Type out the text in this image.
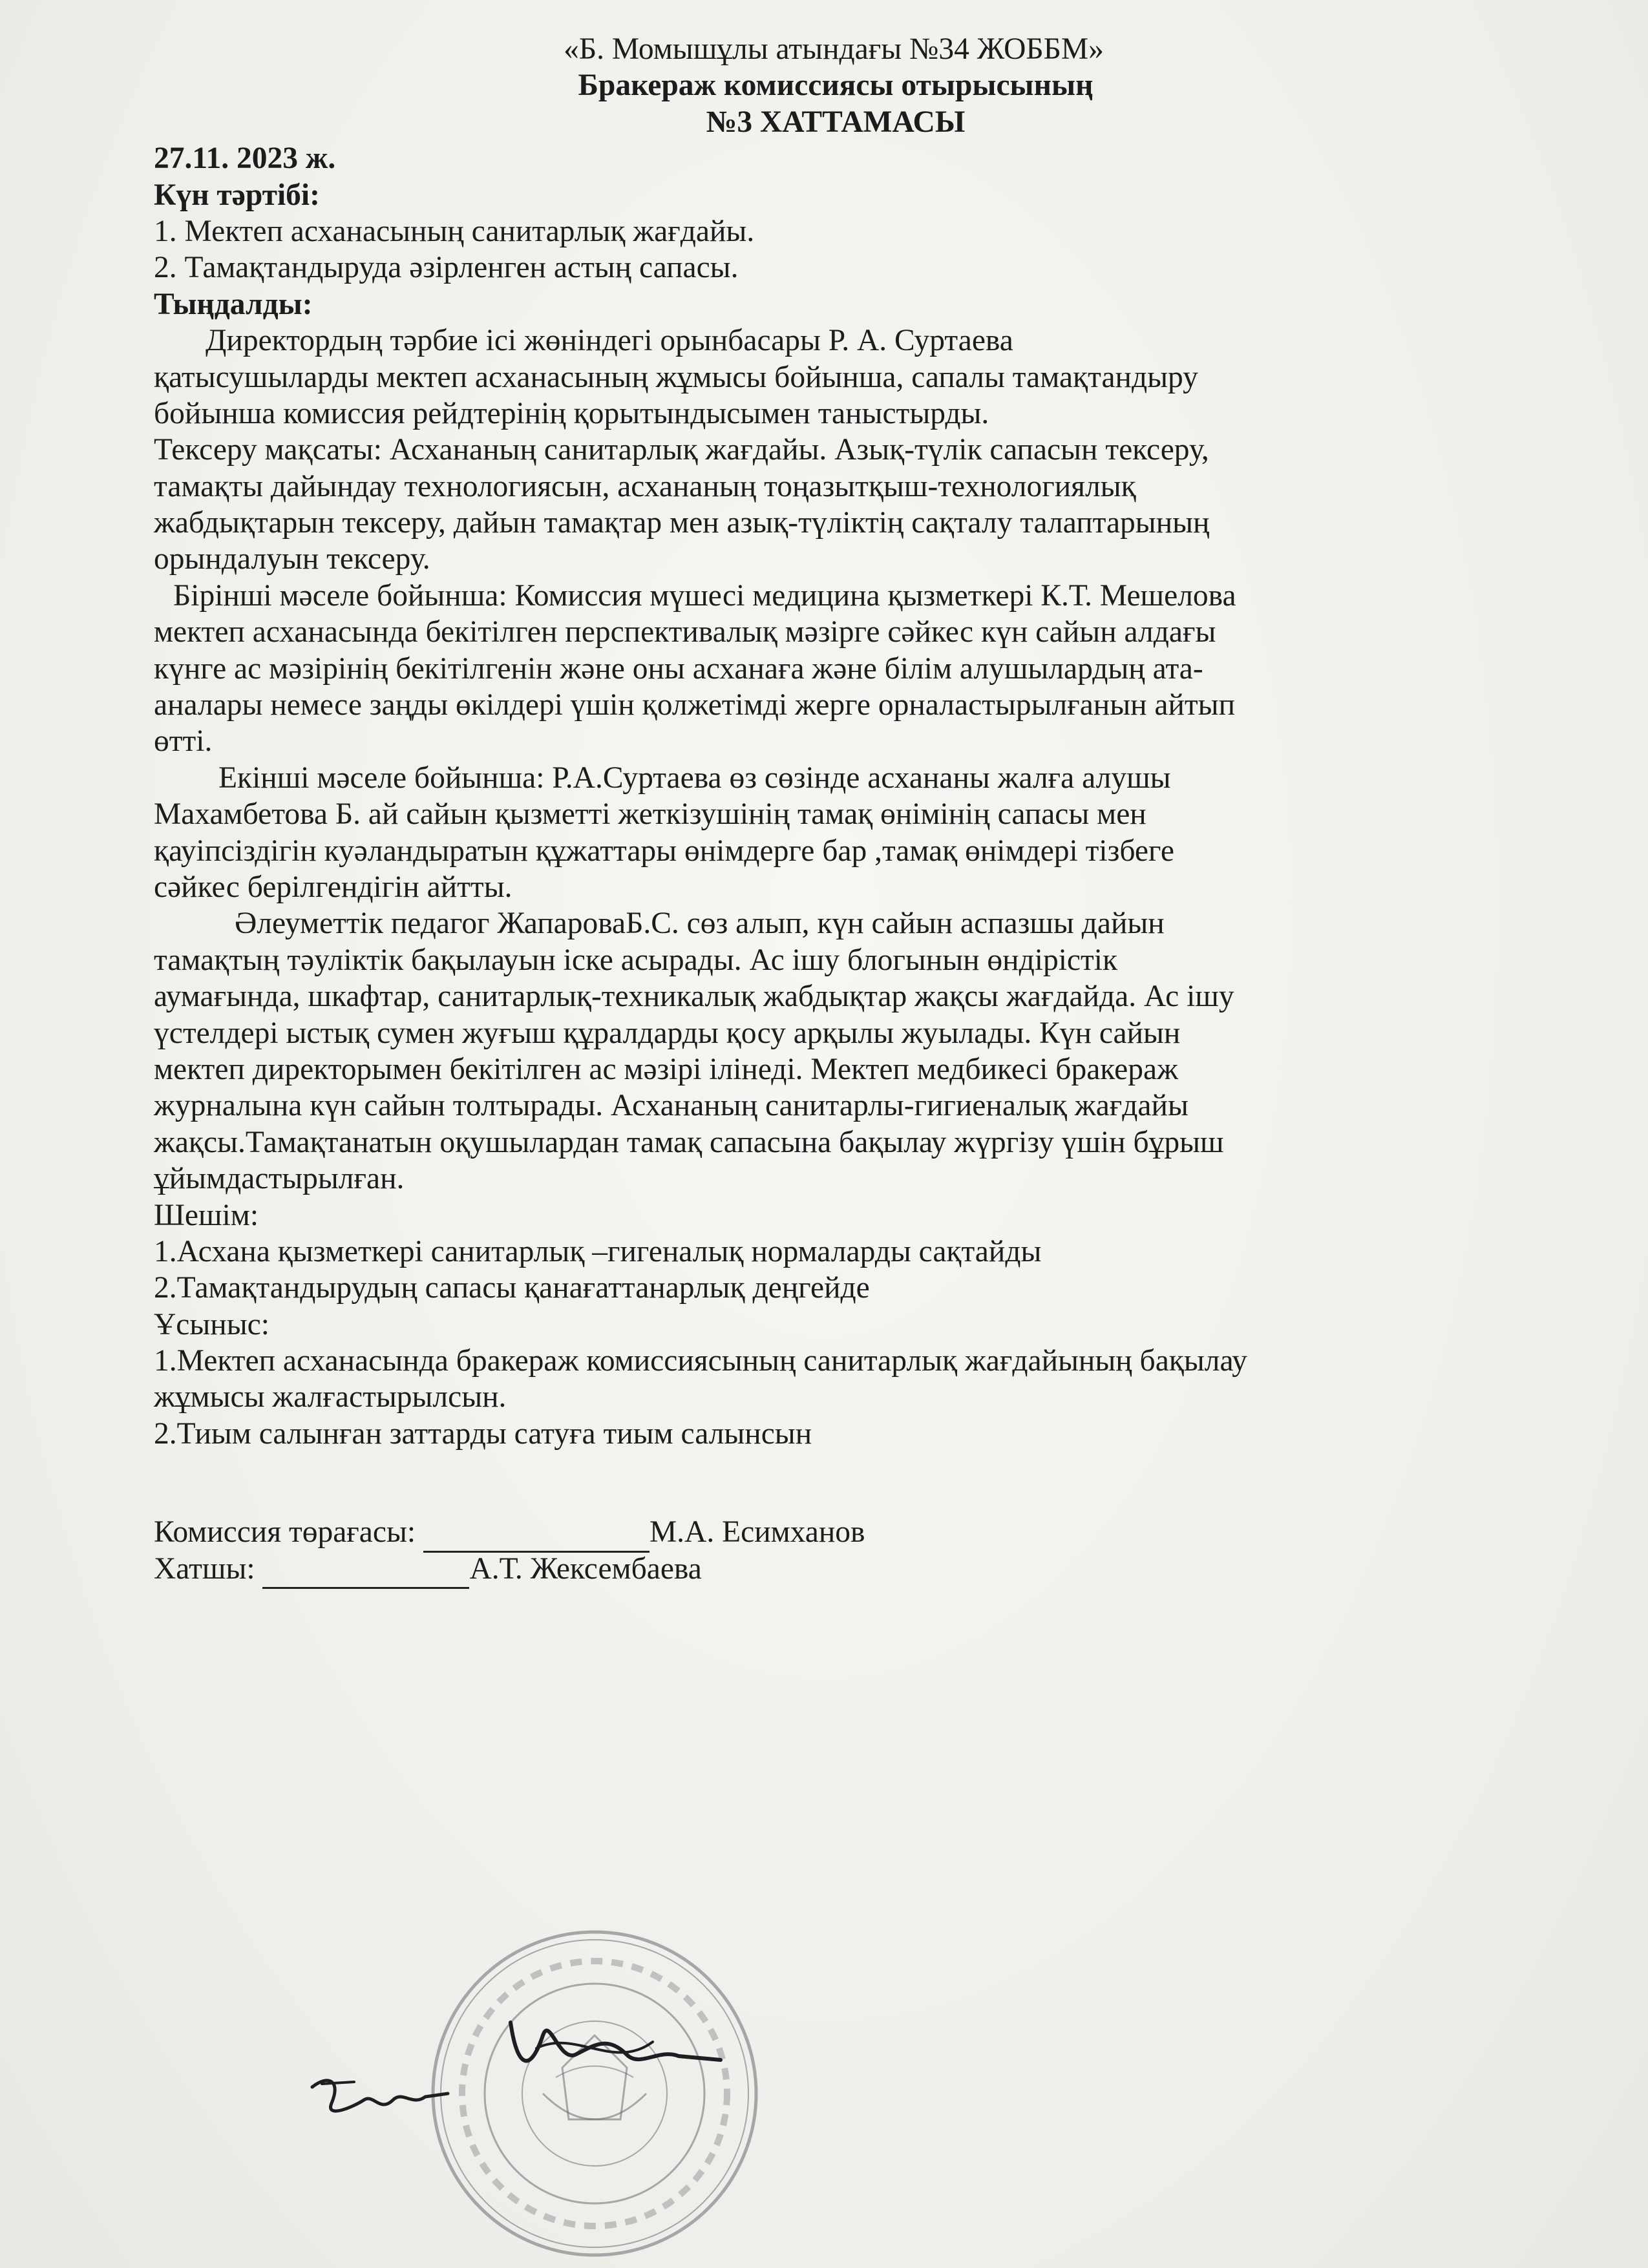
«Б. Момышұлы атындағы №34 ЖОББМ»
Бракераж комиссиясы отырысының
№3 ХАТТАМАСЫ
27.11. 2023 ж.
Күн тәртібі:
1. Мектеп асханасының санитарлық жағдайы.
2. Тамақтандыруда әзірленген астың сапасы.
Тыңдалды:
Директордың тәрбие ісі жөніндегі орынбасары Р. А. Суртаева
қатысушыларды мектеп асханасының жұмысы бойынша, сапалы тамақтандыру
бойынша комиссия рейдтерінің қорытындысымен таныстырды.
Тексеру мақсаты: Асхананың санитарлық жағдайы. Азық-түлік сапасын тексеру,
тамақты дайындау технологиясын, асхананың тоңазытқыш-технологиялық
жабдықтарын тексеру, дайын тамақтар мен азық-түліктің сақталу талаптарының
орындалуын тексеру.
Бірінші мәселе бойынша: Комиссия мүшесі медицина қызметкері К.Т. Мешелова
мектеп асханасында бекітілген перспективалық мәзірге сәйкес күн сайын алдағы
күнге ас мәзірінің бекітілгенін және оны асханаға және білім алушылардың ата-
аналары немесе заңды өкілдері үшін қолжетімді жерге орналастырылғанын айтып
өтті.
Екінші мәселе бойынша: Р.А.Суртаева өз сөзінде асхананы жалға алушы
Махамбетова Б. ай сайын қызметті жеткізушінің тамақ өнімінің сапасы мен
қауіпсіздігін куәландыратын құжаттары өнімдерге бар ,тамақ өнімдері тізбеге
сәйкес берілгендігін айтты.
Әлеуметтік педагог ЖапароваБ.С. сөз алып, күн сайын аспазшы дайын
тамақтың тәуліктік бақылауын іске асырады. Ас ішу блогынын өндірістік
аумағында, шкафтар, санитарлық-техникалық жабдықтар жақсы жағдайда. Ас ішу
үстелдері ыстық сумен жуғыш құралдарды қосу арқылы жуылады. Күн сайын
мектеп директорымен бекітілген ас мәзірі ілінеді. Мектеп медбикесі бракераж
журналына күн сайын толтырады. Асхананың санитарлы-гигиеналық жағдайы
жақсы.Тамақтанатын оқушылардан тамақ сапасына бақылау жүргізу үшін бұрыш
ұйымдастырылған.
Шешім:
1.Асхана қызметкері санитарлық –гигеналық нормаларды сақтайды
2.Тамақтандырудың сапасы қанағаттанарлық деңгейде
Ұсыныс:
1.Мектеп асханасында бракераж комиссиясының санитарлық жағдайының бақылау
жұмысы жалғастырылсын.
2.Тиым салынған заттарды сатуға тиым салынсын
Комиссия төрағасы:	М.А. Есимханов
Хатшы:	А.Т. Жексембаева
